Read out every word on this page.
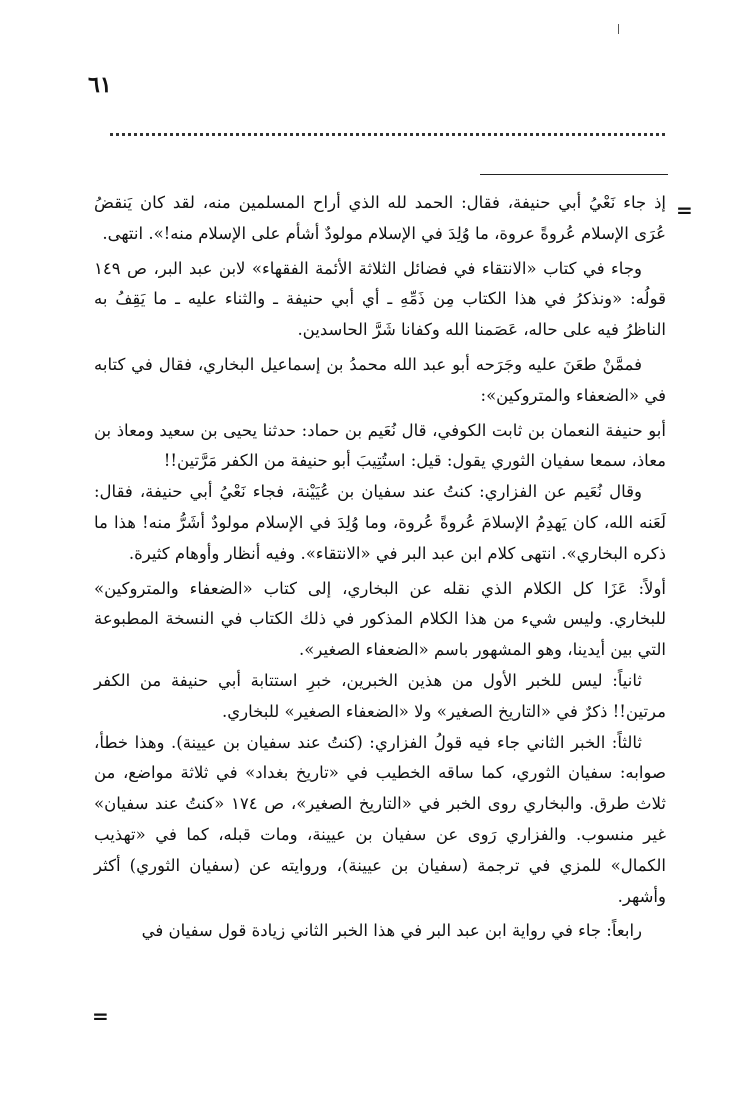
٦١
=

إذ جاء نَعْيُ أبي حنيفة، فقال: الحمد لله الذي أراح المسلمين منه، لقد كان يَنقضُ عُرَى الإسلام عُروةً عروة، ما وُلِدَ في الإسلام مولودٌ أشأم على الإسلام منه!». انتهى.

وجاء في كتاب «الانتقاء في فضائل الثلاثة الأئمة الفقهاء» لابن عبد البر، ص ١٤٩ قولُه: «ونذكرُ في هذا الكتاب مِن ذَمِّهِ ـ أي أبي حنيفة ـ والثناء عليه ـ ما يَقِفُ به الناظرُ فيه على حاله، عَصَمنا الله وكفانا شَرَّ الحاسدين.

فممَّنْ طعَنَ عليه وجَرَحه أبو عبد الله محمدُ بن إسماعيل البخاري، فقال في كتابه في «الضعفاء والمتروكين»:

أبو حنيفة النعمان بن ثابت الكوفي، قال نُعَيم بن حماد: حدثنا يحيى بن سعيد ومعاذ بن معاذ، سمعا سفيان الثوري يقول: قيل: استُتِيبَ أبو حنيفة من الكفر مَرَّتين!!

وقال نُعَيم عن الفزاري: كنتُ عند سفيان بن عُيَيْنة، فجاء نَعْيُ أبي حنيفة، فقال: لَعَنه الله، كان يَهدِمُ الإسلامَ عُروةً عُروة، وما وُلِدَ في الإسلام مولودٌ أشَرُّ منه! هذا ما ذكره البخاري». انتهى كلام ابن عبد البر في «الانتقاء». وفيه أنظار وأوهام كثيرة.

أولاً: عَزَا كل الكلام الذي نقله عن البخاري، إلى كتاب «الضعفاء والمتروكين» للبخاري. وليس شيء من هذا الكلام المذكور في ذلك الكتاب في النسخة المطبوعة التي بين أيدينا، وهو المشهور باسم «الضعفاء الصغير».

ثانياً: ليس للخبر الأول من هذين الخبرين، خبرِ استتابة أبي حنيفة من الكفر مرتين!! ذكرٌ في «التاريخ الصغير» ولا «الضعفاء الصغير» للبخاري.

ثالثاً: الخبر الثاني جاء فيه قولُ الفزاري: (كنتُ عند سفيان بن عيينة). وهذا خطأ، صوابه: سفيان الثوري، كما ساقه الخطيب في «تاريخ بغداد» في ثلاثة مواضع، من ثلاث طرق. والبخاري روى الخبر في «التاريخ الصغير»، ص ١٧٤ «كنتُ عند سفيان» غير منسوب. والفزاري رَوى عن سفيان بن عيينة، ومات قبله، كما في «تهذيب الكمال» للمزي في ترجمة (سفيان بن عيينة)، وروايته عن (سفيان الثوري) أكثر وأشهر.

رابعاً: جاء في رواية ابن عبد البر في هذا الخبر الثاني زيادة قول سفيان في

=
